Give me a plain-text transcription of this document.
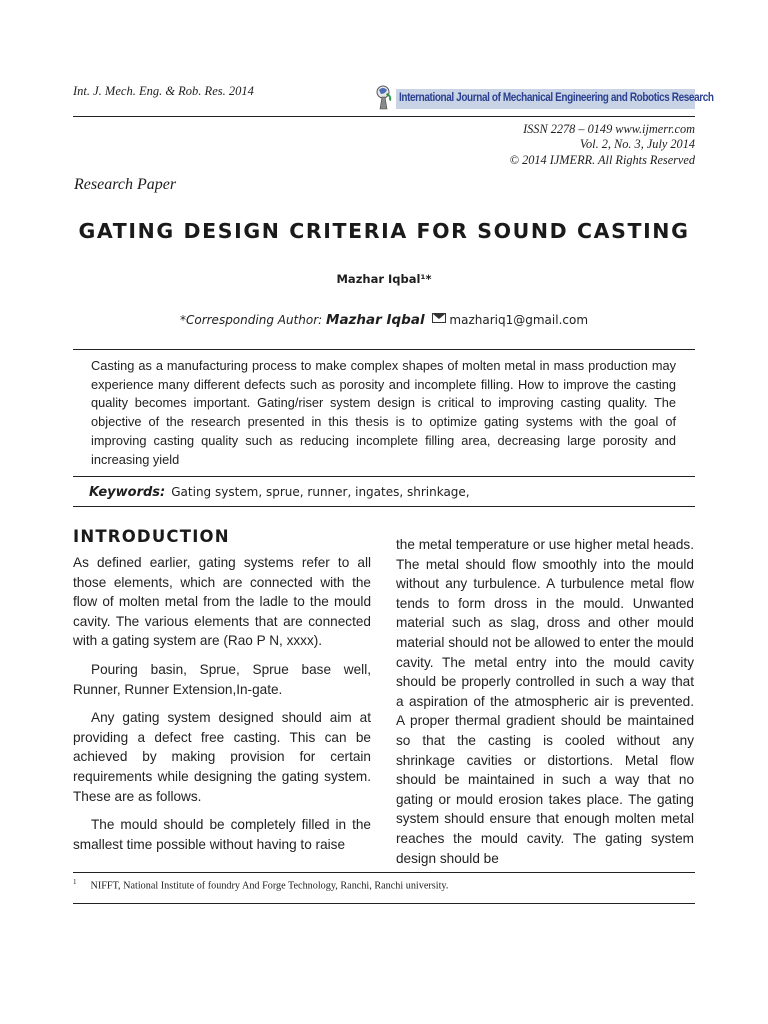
Int. J. Mech. Eng. & Rob. Res. 2014	International Journal of Mechanical Engineering and Robotics Research
ISSN 2278 – 0149 www.ijmerr.com
Vol. 2, No. 3, July 2014
© 2014 IJMERR. All Rights Reserved
Research Paper
GATING DESIGN CRITERIA FOR SOUND CASTING
Mazhar Iqbal¹*
*Corresponding Author: Mazhar Iqbal mazhariq1@gmail.com
Casting as a manufacturing process to make complex shapes of molten metal in mass production may experience many different defects such as porosity and incomplete filling. How to improve the casting quality becomes important. Gating/riser system design is critical to improving casting quality. The objective of the research presented in this thesis is to optimize gating systems with the goal of improving casting quality such as reducing incomplete filling area, decreasing large porosity and increasing yield
Keywords: Gating system, sprue, runner, ingates, shrinkage,
INTRODUCTION

As defined earlier, gating systems refer to all those elements, which are connected with the flow of molten metal from the ladle to the mould cavity. The various elements that are connected with a gating system are (Rao P N, xxxx).

Pouring basin, Sprue, Sprue base well, Runner, Runner Extension,In-gate.

Any gating system designed should aim at providing a defect free casting. This can be achieved by making provision for certain requirements while designing the gating system. These are as follows.

The mould should be completely filled in the smallest time possible without having to raise

the metal temperature or use higher metal heads. The metal should flow smoothly into the mould without any turbulence. A turbulence metal flow tends to form dross in the mould. Unwanted material such as slag, dross and other mould material should not be allowed to enter the mould cavity. The metal entry into the mould cavity should be properly controlled in such a way that a aspiration of the atmospheric air is prevented. A proper thermal gradient should be maintained so that the casting is cooled without any shrinkage cavities or distortions. Metal flow should be maintained in such a way that no gating or mould erosion takes place. The gating system should ensure that enough molten metal reaches the mould cavity. The gating system design should be

$^1$ NIFFT, National Institute of foundry And Forge Technology, Ranchi, Ranchi university.
